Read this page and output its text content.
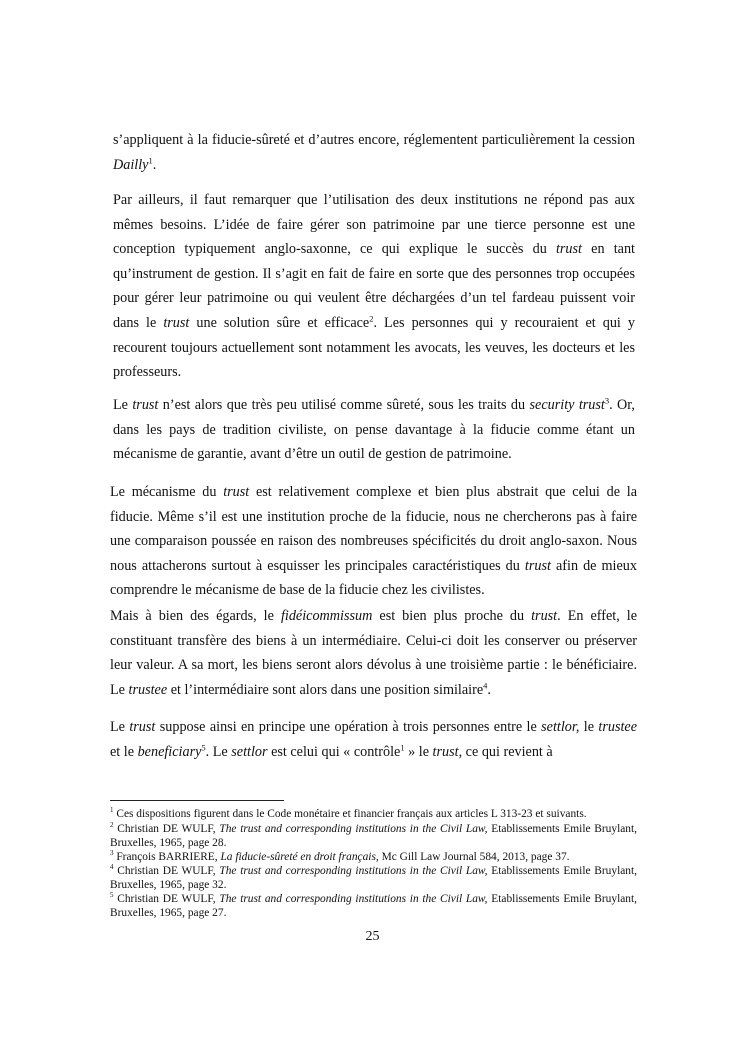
s’appliquent à la fiducie-sûreté et d’autres encore, réglementent particulièrement la cession Dailly$^1$.

Par ailleurs, il faut remarquer que l’utilisation des deux institutions ne répond pas aux mêmes besoins. L’idée de faire gérer son patrimoine par une tierce personne est une conception typiquement anglo-saxonne, ce qui explique le succès du trust en tant qu’instrument de gestion. Il s’agit en fait de faire en sorte que des personnes trop occupées pour gérer leur patrimoine ou qui veulent être déchargées d’un tel fardeau puissent voir dans le trust une solution sûre et efficace$^2$. Les personnes qui y recouraient et qui y recourent toujours actuellement sont notamment les avocats, les veuves, les docteurs et les professeurs.

Le trust n’est alors que très peu utilisé comme sûreté, sous les traits du security trust$^3$. Or, dans les pays de tradition civiliste, on pense davantage à la fiducie comme étant un mécanisme de garantie, avant d’être un outil de gestion de patrimoine.

Le mécanisme du trust est relativement complexe et bien plus abstrait que celui de la fiducie. Même s’il est une institution proche de la fiducie, nous ne chercherons pas à faire une comparaison poussée en raison des nombreuses spécificités du droit anglo-saxon. Nous nous attacherons surtout à esquisser les principales caractéristiques du trust afin de mieux comprendre le mécanisme de base de la fiducie chez les civilistes.

Mais à bien des égards, le fidéicommissum est bien plus proche du trust. En effet, le constituant transfère des biens à un intermédiaire. Celui-ci doit les conserver ou préserver leur valeur. A sa mort, les biens seront alors dévolus à une troisième partie : le bénéficiaire. Le trustee et l’intermédiaire sont alors dans une position similaire$^4$.

Le trust suppose ainsi en principe une opération à trois personnes entre le settlor, le trustee et le beneficiary$^5$. Le settlor est celui qui « contrôle$^1$ » le trust, ce qui revient à

$^1$ Ces dispositions figurent dans le Code monétaire et financier français aux articles L 313-23 et suivants.

$^2$ Christian DE WULF, The trust and corresponding institutions in the Civil Law, Etablissements Emile Bruylant, Bruxelles, 1965, page 28.

$^3$ François BARRIERE, La fiducie-sûreté en droit français, Mc Gill Law Journal 584, 2013, page 37.

$^4$ Christian DE WULF, The trust and corresponding institutions in the Civil Law, Etablissements Emile Bruylant, Bruxelles, 1965, page 32.

$^5$ Christian DE WULF, The trust and corresponding institutions in the Civil Law, Etablissements Emile Bruylant, Bruxelles, 1965, page 27.

25
